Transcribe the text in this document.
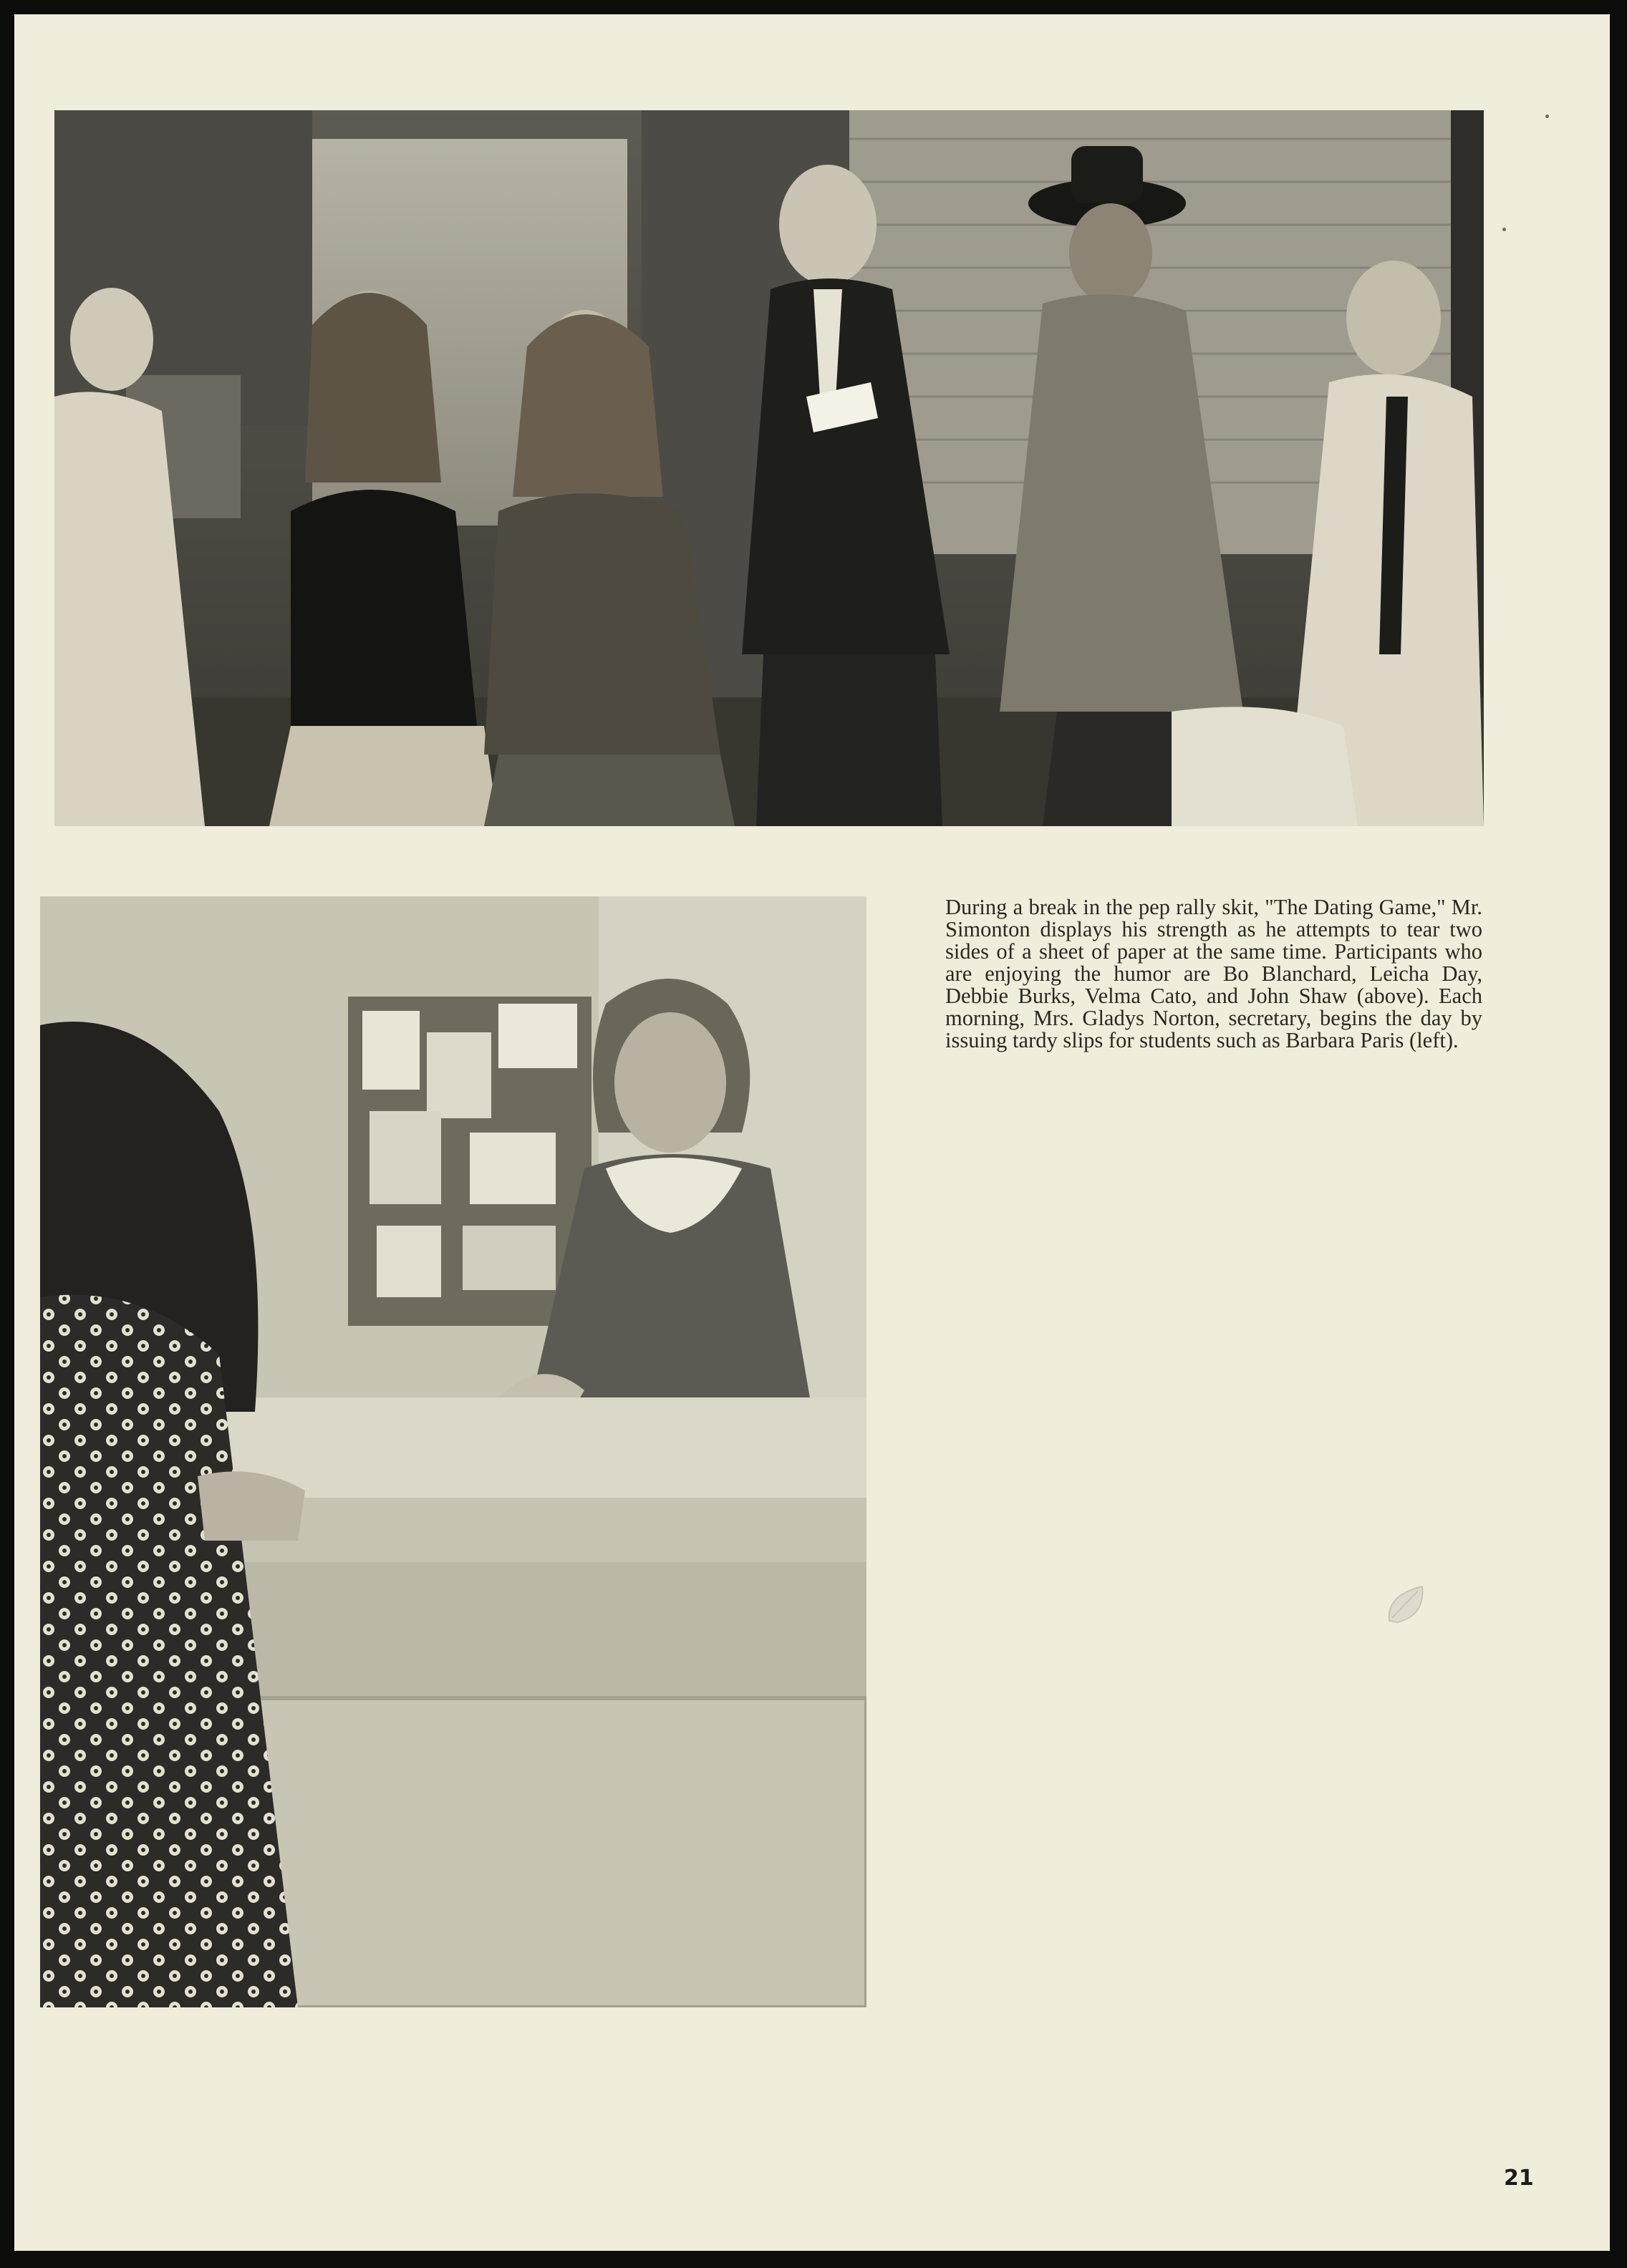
During a break in the pep rally skit, "The Dating Game," Mr. Simonton displays his strength as he attempts to tear two sides of a sheet of paper at the same time. Participants who are enjoying the humor are Bo Blanchard, Leicha Day, Debbie Burks, Velma Cato, and John Shaw (above). Each morning, Mrs. Gladys Norton, secretary, begins the day by issuing tardy slips for students such as Barbara Paris (left).

21
